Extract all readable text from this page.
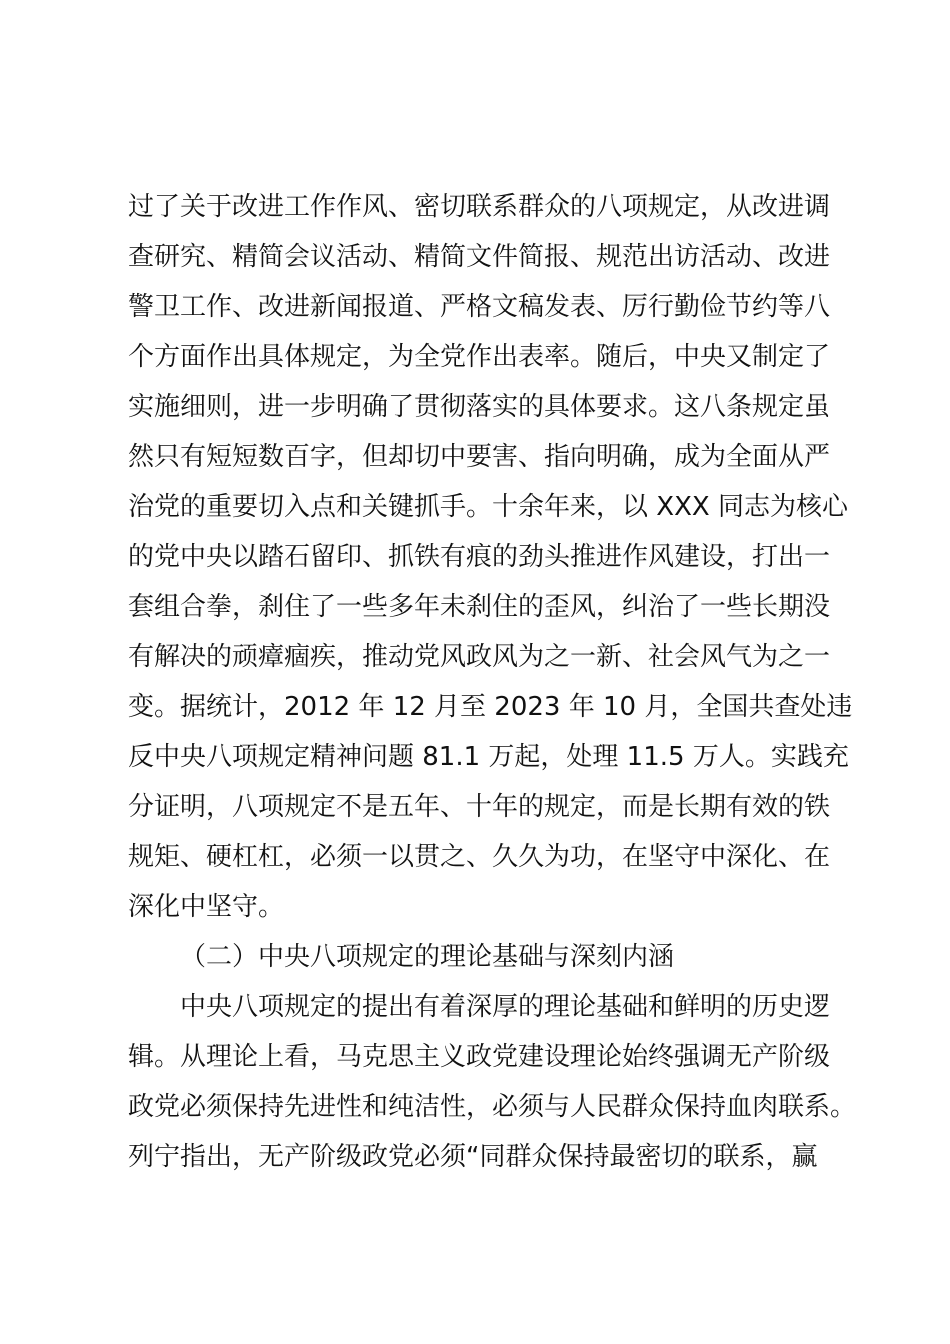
过了关于改进工作作风、密切联系群众的八项规定，从改进调
查研究、精简会议活动、精简文件简报、规范出访活动、改进
警卫工作、改进新闻报道、严格文稿发表、厉行勤俭节约等八
个方面作出具体规定，为全党作出表率。随后，中央又制定了
实施细则，进一步明确了贯彻落实的具体要求。这八条规定虽
然只有短短数百字，但却切中要害、指向明确，成为全面从严
治党的重要切入点和关键抓手。十余年来，以 XXX 同志为核心
的党中央以踏石留印、抓铁有痕的劲头推进作风建设，打出一
套组合拳，刹住了一些多年未刹住的歪风，纠治了一些长期没
有解决的顽瘴痼疾，推动党风政风为之一新、社会风气为之一
变。据统计，2012 年 12 月至 2023 年 10 月，全国共查处违
反中央八项规定精神问题 81.1 万起，处理 11.5 万人。实践充
分证明，八项规定不是五年、十年的规定，而是长期有效的铁
规矩、硬杠杠，必须一以贯之、久久为功，在坚守中深化、在
深化中坚守。
（二）中央八项规定的理论基础与深刻内涵
中央八项规定的提出有着深厚的理论基础和鲜明的历史逻
辑。从理论上看，马克思主义政党建设理论始终强调无产阶级
政党必须保持先进性和纯洁性，必须与人民群众保持血肉联系。
列宁指出，无产阶级政党必须“同群众保持最密切的联系，赢
